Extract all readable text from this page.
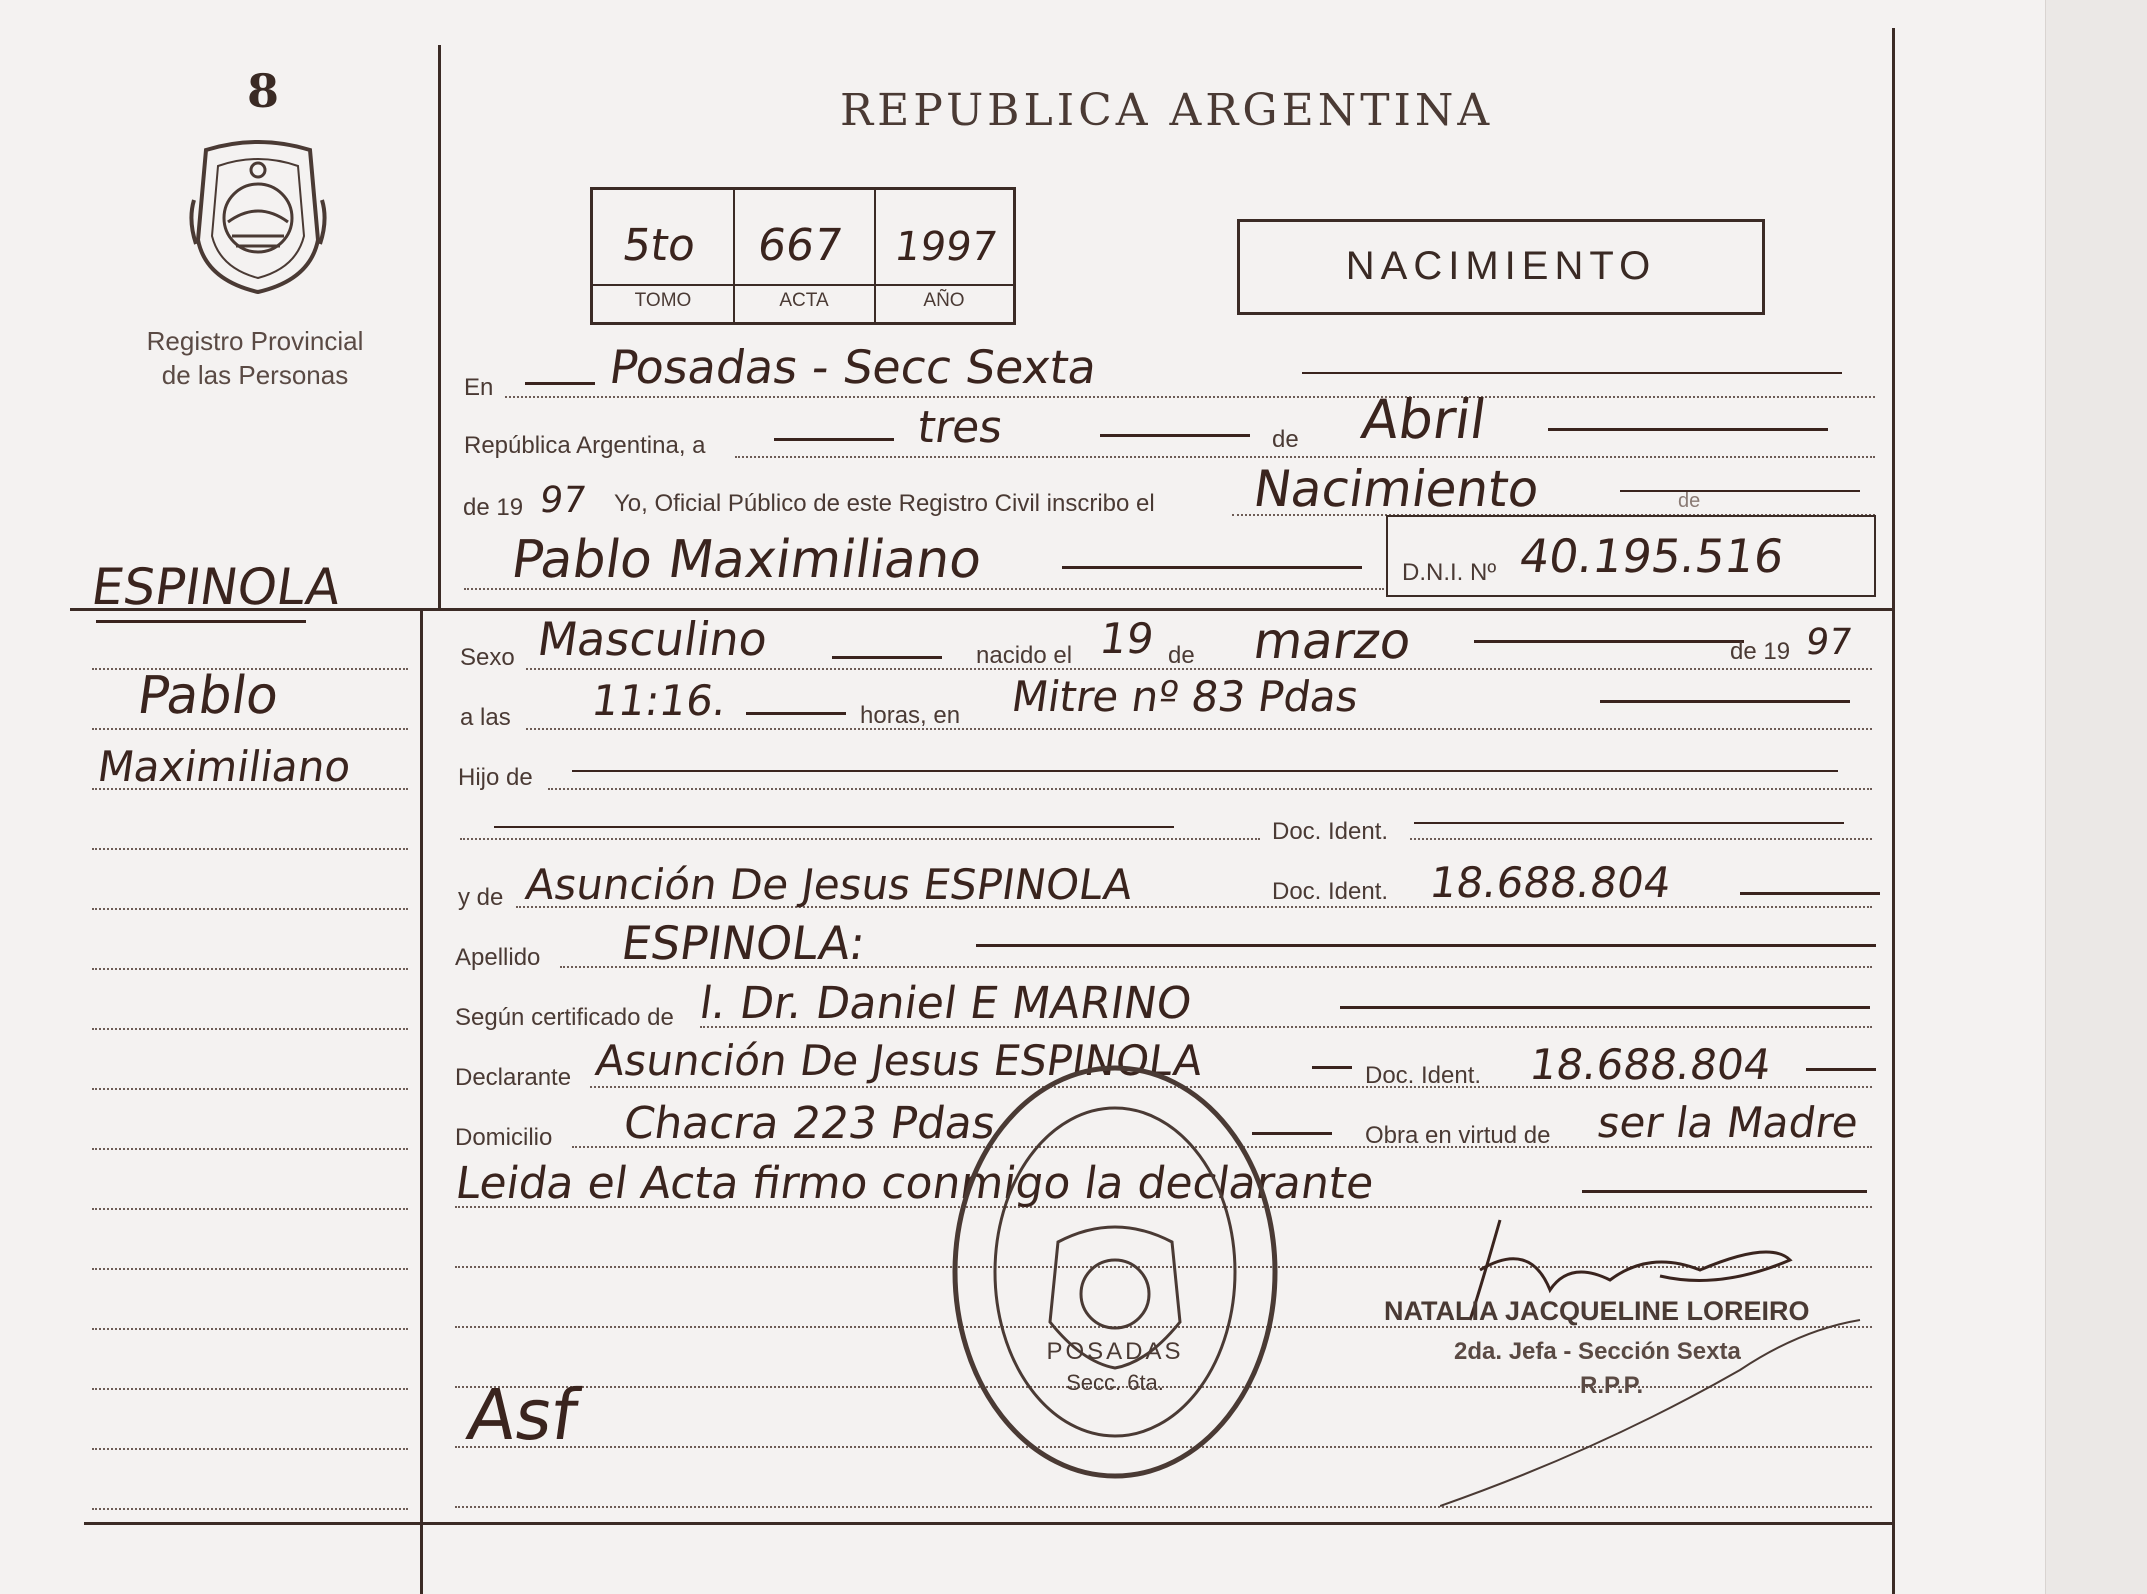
8
Registro Provincial
de las Personas
REPUBLICA ARGENTINA
5to 667 1997
TOMO	ACTA	AÑO
NACIMIENTO
ESPINOLA
Pablo
Maximiliano
En Posadas - Secc Sexta
República Argentina, a	tres	de Abril
de 19 97 Yo, Oficial Público de este Registro Civil inscribo el Nacimiento	de
Pablo Maximiliano	D.N.I. Nº 40.195.516
Sexo Masculino	nacido el 19 de marzo	de 19 97
a las 11:16.	horas, en Mitre nº 83 Pdas
Hijo de
Doc. Ident.
y de Asunción De Jesus ESPINOLA	Doc. Ident. 18.688.804
Apellido ESPINOLA:
Según certificado de l. Dr. Daniel E MARINO
Declarante Asunción De Jesus ESPINOLA	Doc. Ident. 18.688.804
Domicilio Chacra 223 Pdas	Obra en virtud de ser la Madre
Leida el Acta firmo conmigo la declarante
Asf
POSADAS
Secc. 6ta.
NATALIA JACQUELINE LOREIRO
2da. Jefa - Sección Sexta
R.P.P.
